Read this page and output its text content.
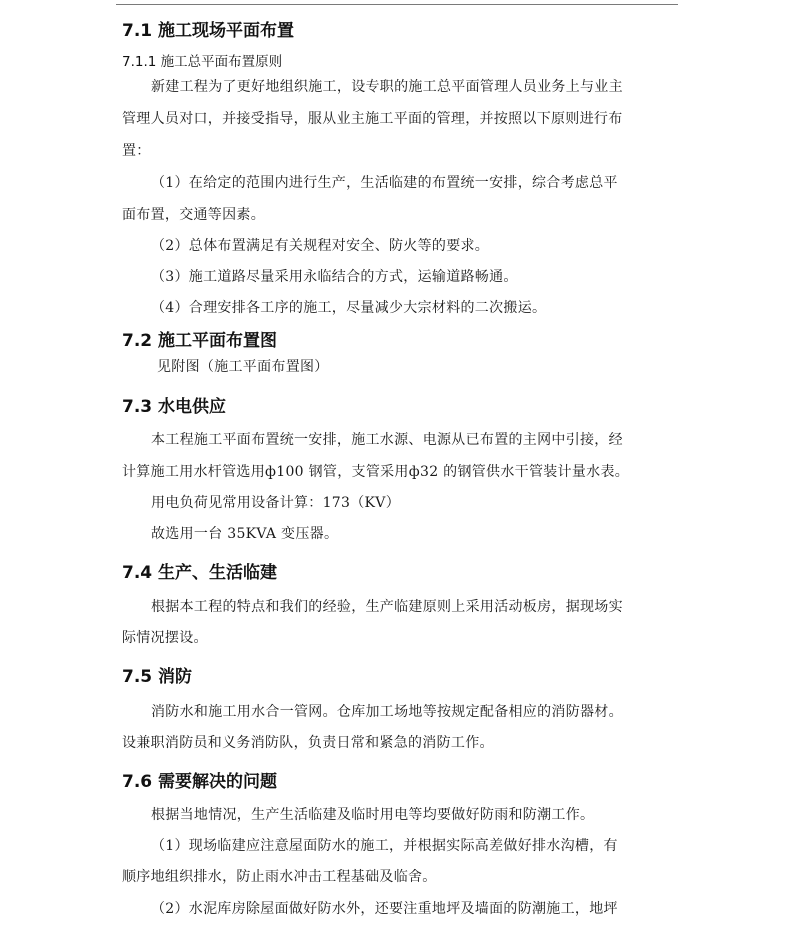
7.1 施工现场平面布置
7.1.1 施工总平面布置原则
新建工程为了更好地组织施工，设专职的施工总平面管理人员业务上与业主
管理人员对口，并接受指导，服从业主施工平面的管理，并按照以下原则进行布
置：
（1）在给定的范围内进行生产，生活临建的布置统一安排，综合考虑总平
面布置，交通等因素。
（2）总体布置满足有关规程对安全、防火等的要求。
（3）施工道路尽量采用永临结合的方式，运输道路畅通。
（4）合理安排各工序的施工，尽量减少大宗材料的二次搬运。
7.2 施工平面布置图
见附图（施工平面布置图）
7.3 水电供应
本工程施工平面布置统一安排，施工水源、电源从已布置的主网中引接，经
计算施工用水杆管选用ф100 钢管，支管采用ф32 的钢管供水干管装计量水表。
用电负荷见常用设备计算：173（KV）
故选用一台 35KVA 变压器。
7.4 生产、生活临建
根据本工程的特点和我们的经验，生产临建原则上采用活动板房，据现场实
际情况摆设。
7.5 消防
消防水和施工用水合一管网。仓库加工场地等按规定配备相应的消防器材。
设兼职消防员和义务消防队，负责日常和紧急的消防工作。
7.6 需要解决的问题
根据当地情况，生产生活临建及临时用电等均要做好防雨和防潮工作。
（1）现场临建应注意屋面防水的施工，并根据实际高差做好排水沟槽，有
顺序地组织排水，防止雨水冲击工程基础及临舍。
（2）水泥库房除屋面做好防水外，还要注重地坪及墙面的防潮施工，地坪
